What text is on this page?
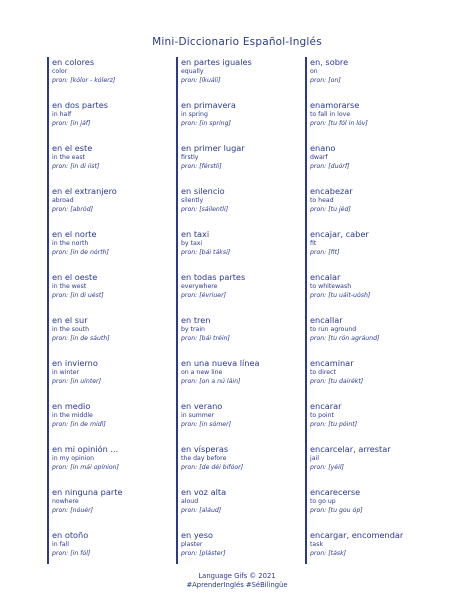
Mini-Diccionario Español-Inglés
en colores
color
pron: [kólor - kólerz]
en dos partes
in half
pron: [in jáf]
en el este
in the east
pron: [in di iist]
en el extranjero
abroad
pron: [abród]
en el norte
in the north
pron: [in de nórth]
en el oeste
in the west
pron: [in di uést]
en el sur
in the south
pron: [in de sáuth]
en invierno
in winter
pron: [in uínter]
en medio
in the middle
pron: [in de midl]
en mi opinión ...
in my opinion
pron: [in mái opínion]
en ninguna parte
nowhere
pron: [nóuér]
en otoño
in fall
pron: [in fól]
en partes iguales
equally
pron: [íkuáli]
en primavera
in spring
pron: [in spring]
en primer lugar
firstly
pron: [férstli]
en silencio
silently
pron: [sáilentli]
en taxi
by taxi
pron: [bái táksi]
en todas partes
everywhere
pron: [évriuer]
en tren
by train
pron: [bái tréin]
en una nueva línea
on a new line
pron: [on a nú láin]
en verano
in summer
pron: [in sómer]
en vísperas
the day before
pron: [de déi bifóor]
en voz alta
aloud
pron: [aláud]
en yeso
plaster
pron: [pláster]
en, sobre
on
pron: [on]
enamorarse
to fall in love
pron: [tu fól in lóv]
enano
dwarf
pron: [duórf]
encabezar
to head
pron: [tu jéd]
encajar, caber
fit
pron: [fit]
encalar
to whitewash
pron: [tu uáit-uósh]
encallar
to run aground
pron: [tu rón agráund]
encaminar
to direct
pron: [tu dairékt]
encarar
to point
pron: [tu póint]
encarcelar, arrestar
jail
pron: [yéil]
encarecerse
to go up
pron: [tu gou óp]
encargar, encomendar
task
pron: [tásk]
Language Gifs © 2021
#AprenderInglés #SéBilingüe
